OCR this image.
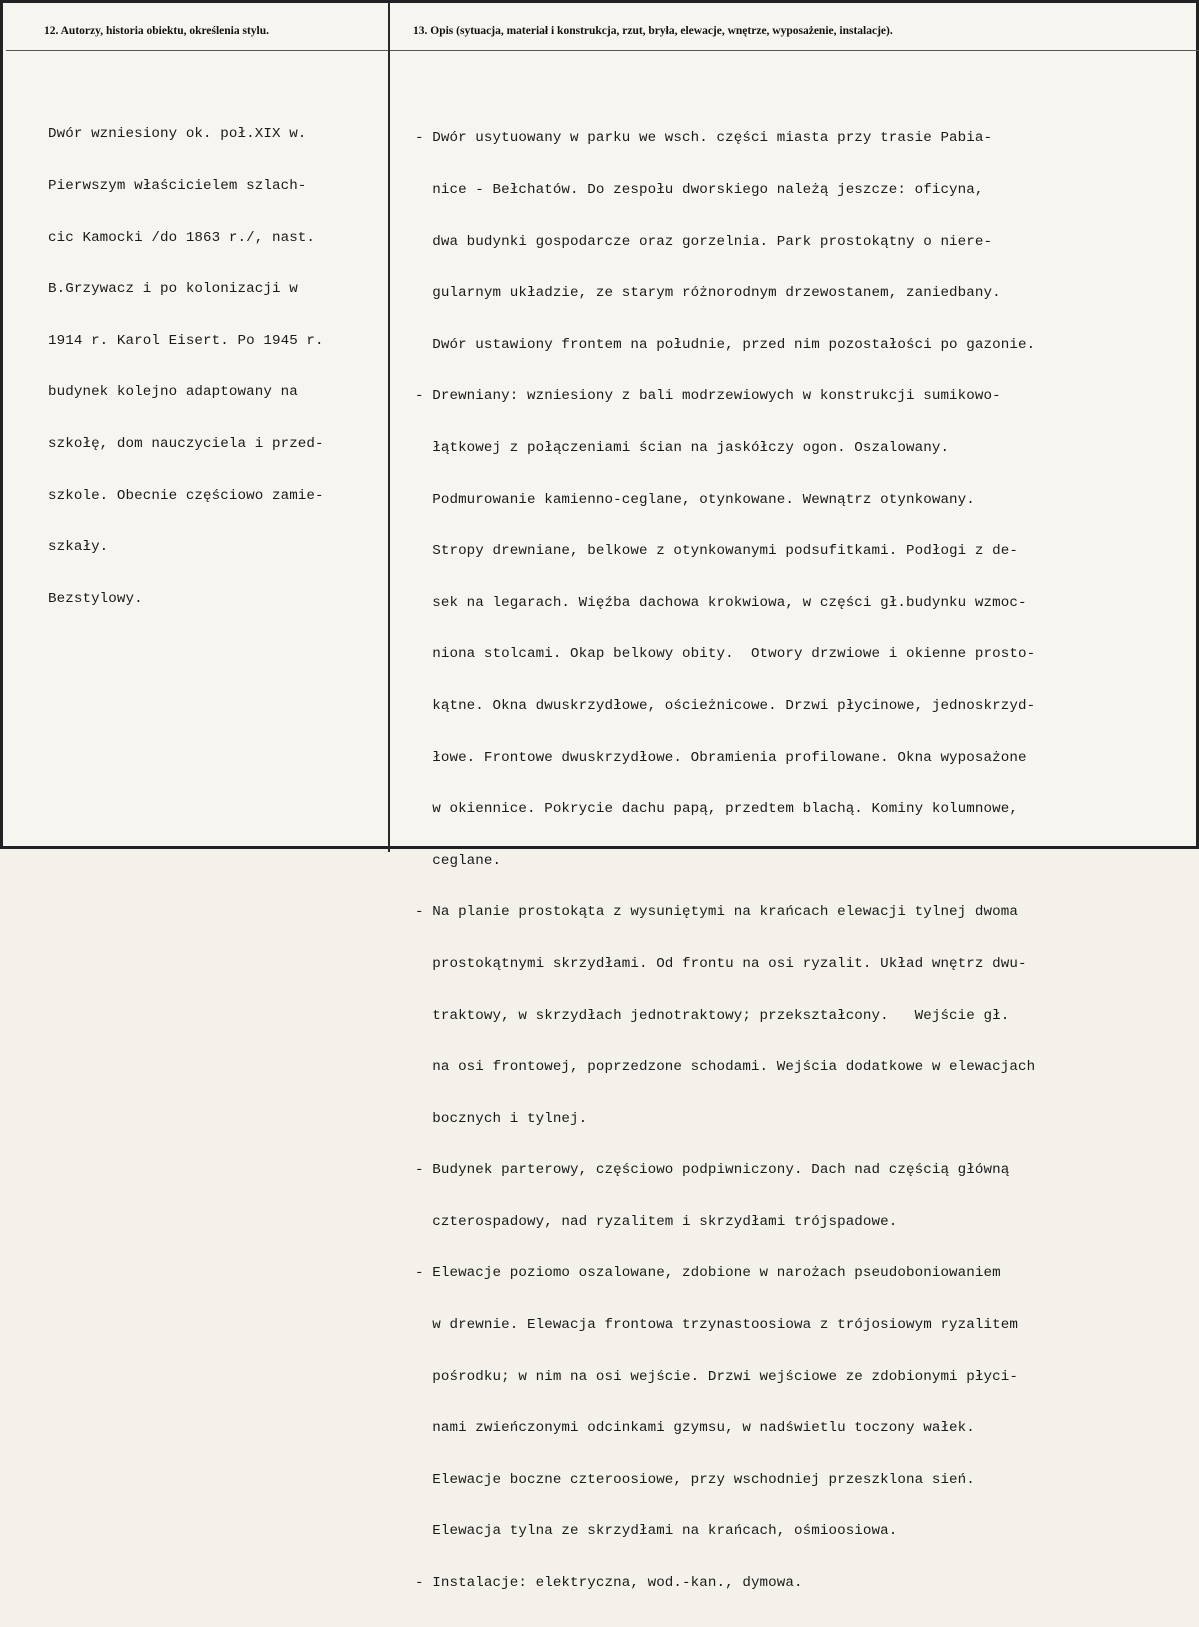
12. Autorzy, historia obiektu, określenia stylu.	13. Opis (sytuacja, materiał i konstrukcja, rzut, bryła, elewacje, wnętrze, wyposażenie, instalacje).

Dwór wzniesiony ok. poł.XIX w.

Pierwszym właścicielem szlach-

cic Kamocki /do 1863 r./, nast.

B.Grzywacz i po kolonizacji w

1914 r. Karol Eisert. Po 1945 r.

budynek kolejno adaptowany na

szkołę, dom nauczyciela i przed-

szkole. Obecnie częściowo zamie-

szkały.

Bezstylowy.

- Dwór usytuowany w parku we wsch. części miasta przy trasie Pabia-

nice - Bełchatów. Do zespołu dworskiego należą jeszcze: oficyna,

dwa budynki gospodarcze oraz gorzelnia. Park prostokątny o niere-

gularnym układzie, ze starym różnorodnym drzewostanem, zaniedbany.

Dwór ustawiony frontem na południe, przed nim pozostałości po gazonie.

- Drewniany: wzniesiony z bali modrzewiowych w konstrukcji sumikowo-

łątkowej z połączeniami ścian na jaskółczy ogon. Oszalowany.

Podmurowanie kamienno-ceglane, otynkowane. Wewnątrz otynkowany.

Stropy drewniane, belkowe z otynkowanymi podsufitkami. Podłogi z de-

sek na legarach. Więźba dachowa krokwiowa, w części gł.budynku wzmoc-

niona stolcami. Okap belkowy obity.  Otwory drzwiowe i okienne prosto-

kątne. Okna dwuskrzydłowe, ościeżnicowe. Drzwi płycinowe, jednoskrzyd-

łowe. Frontowe dwuskrzydłowe. Obramienia profilowane. Okna wyposażone

w okiennice. Pokrycie dachu papą, przedtem blachą. Kominy kolumnowe,

ceglane.

- Na planie prostokąta z wysuniętymi na krańcach elewacji tylnej dwoma

prostokątnymi skrzydłami. Od frontu na osi ryzalit. Układ wnętrz dwu-

traktowy, w skrzydłach jednotraktowy; przekształcony.   Wejście gł.

na osi frontowej, poprzedzone schodami. Wejścia dodatkowe w elewacjach

bocznych i tylnej.

- Budynek parterowy, częściowo podpiwniczony. Dach nad częścią główną

czterospadowy, nad ryzalitem i skrzydłami trójspadowe.

- Elewacje poziomo oszalowane, zdobione w narożach pseudoboniowaniem

w drewnie. Elewacja frontowa trzynastoosiowa z trójosiowym ryzalitem

pośrodku; w nim na osi wejście. Drzwi wejściowe ze zdobionymi płyci-

nami zwieńczonymi odcinkami gzymsu, w nadświetlu toczony wałek.

Elewacje boczne czteroosiowe, przy wschodniej przeszklona sień.

Elewacja tylna ze skrzydłami na krańcach, ośmioosiowa.

- Instalacje: elektryczna, wod.-kan., dymowa.
